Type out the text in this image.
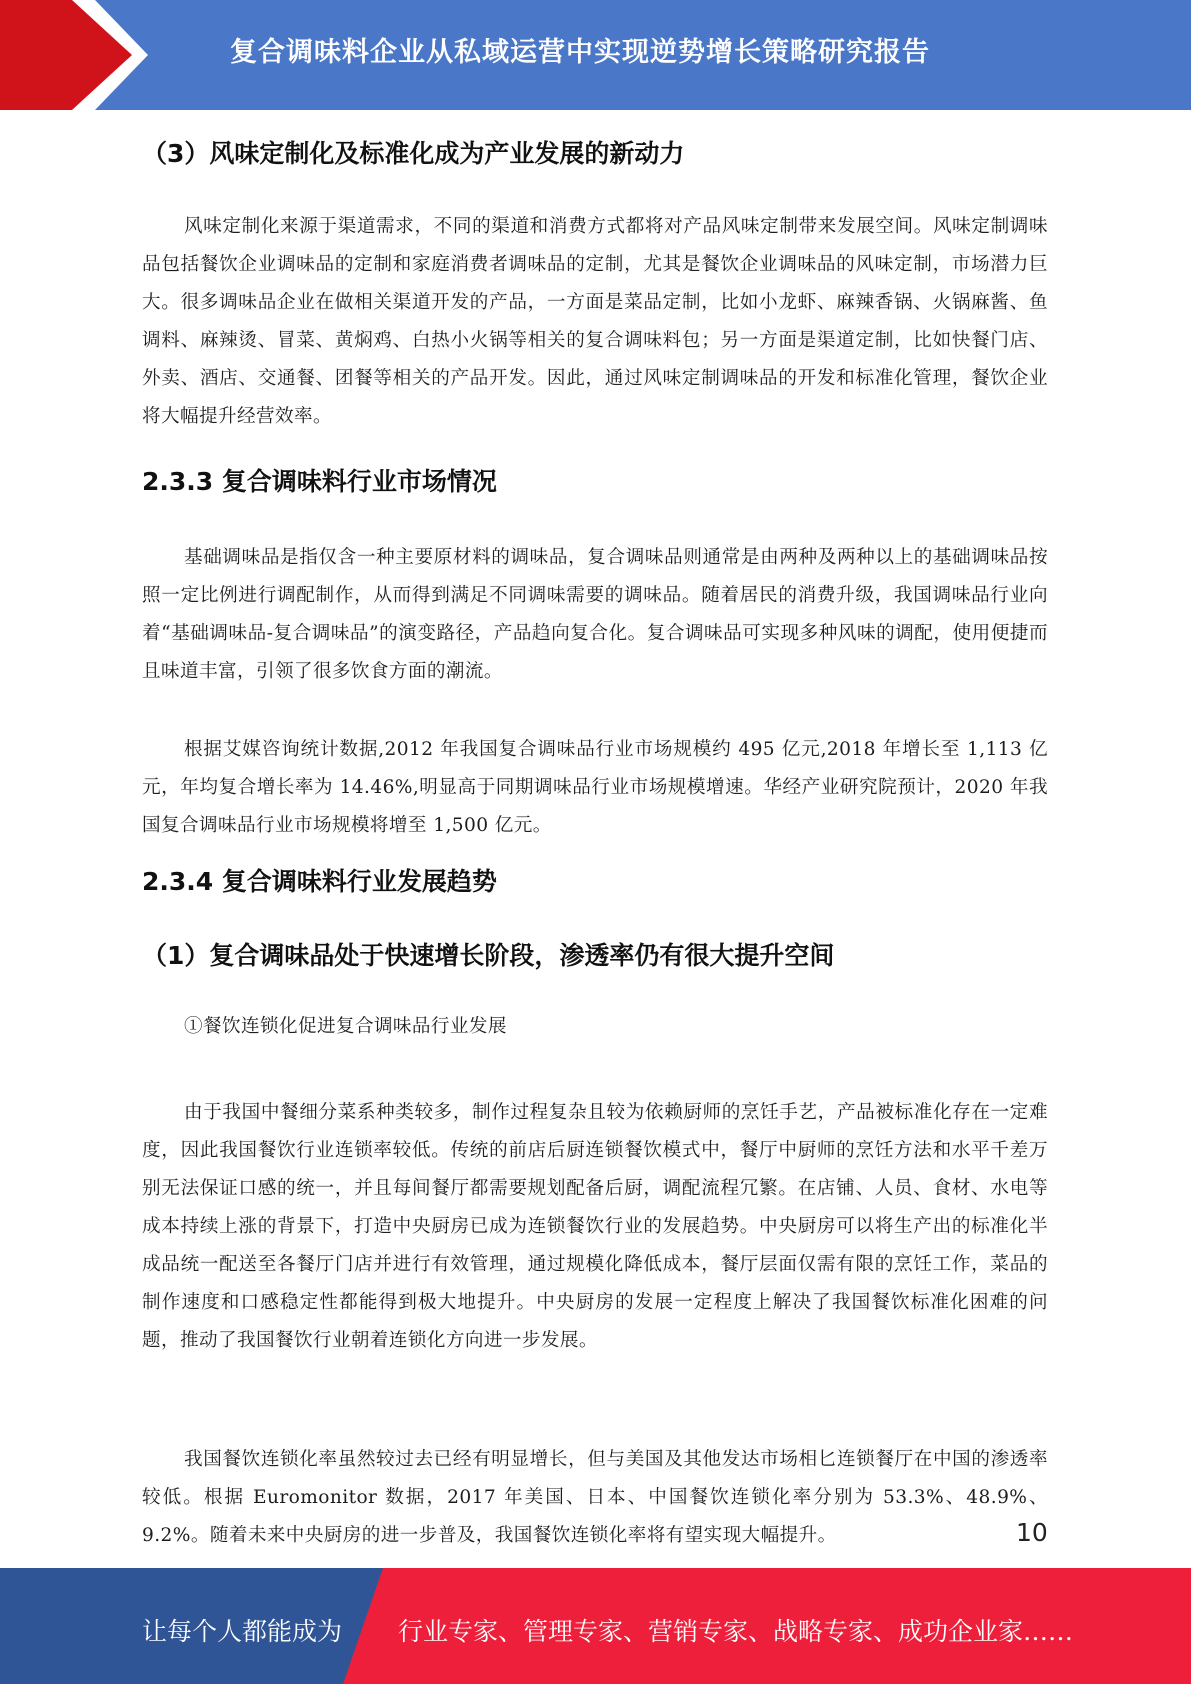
复合调味料企业从私域运营中实现逆势增长策略研究报告
（3）风味定制化及标准化成为产业发展的新动力

风味定制化来源于渠道需求，不同的渠道和消费方式都将对产品风味定制带来发展空间。风味定制调味品包括餐饮企业调味品的定制和家庭消费者调味品的定制，尤其是餐饮企业调味品的风味定制，市场潜力巨大。很多调味品企业在做相关渠道开发的产品，一方面是菜品定制，比如小龙虾、麻辣香锅、火锅麻酱、鱼调料、麻辣烫、冒菜、黄焖鸡、白热小火锅等相关的复合调味料包；另一方面是渠道定制，比如快餐门店、外卖、酒店、交通餐、团餐等相关的产品开发。因此，通过风味定制调味品的开发和标准化管理，餐饮企业将大幅提升经营效率。

2.3.3 复合调味料行业市场情况

基础调味品是指仅含一种主要原材料的调味品，复合调味品则通常是由两种及两种以上的基础调味品按照一定比例进行调配制作，从而得到满足不同调味需要的调味品。随着居民的消费升级，我国调味品行业向着“基础调味品-复合调味品”的演变路径，产品趋向复合化。复合调味品可实现多种风味的调配，使用便捷而且味道丰富，引领了很多饮食方面的潮流。

根据艾媒咨询统计数据,2012 年我国复合调味品行业市场规模约 495 亿元,2018 年增长至 1,113 亿元，年均复合增长率为 14.46%,明显高于同期调味品行业市场规模增速。华经产业研究院预计，2020 年我国复合调味品行业市场规模将增至 1,500 亿元。

2.3.4 复合调味料行业发展趋势
（1）复合调味品处于快速增长阶段，渗透率仍有很大提升空间

①餐饮连锁化促进复合调味品行业发展

由于我国中餐细分菜系种类较多，制作过程复杂且较为依赖厨师的烹饪手艺，产品被标准化存在一定难度，因此我国餐饮行业连锁率较低。传统的前店后厨连锁餐饮模式中，餐厅中厨师的烹饪方法和水平千差万别无法保证口感的统一，并且每间餐厅都需要规划配备后厨，调配流程冗繁。在店铺、人员、食材、水电等成本持续上涨的背景下，打造中央厨房已成为连锁餐饮行业的发展趋势。中央厨房可以将生产出的标准化半成品统一配送至各餐厅门店并进行有效管理，通过规模化降低成本，餐厅层面仅需有限的烹饪工作，菜品的制作速度和口感稳定性都能得到极大地提升。中央厨房的发展一定程度上解决了我国餐饮标准化困难的问题，推动了我国餐饮行业朝着连锁化方向进一步发展。

我国餐饮连锁化率虽然较过去已经有明显增长，但与美国及其他发达市场相匕连锁餐厅在中国的渗透率较低。根据 Euromonitor 数据，2017 年美国、日本、中国餐饮连锁化率分别为 53.3%、48.9%、9.2%。随着未来中央厨房的进一步普及，我国餐饮连锁化率将有望实现大幅提升。	10
让每个人都能成为 行业专家、管理专家、营销专家、战略专家、成功企业家……
